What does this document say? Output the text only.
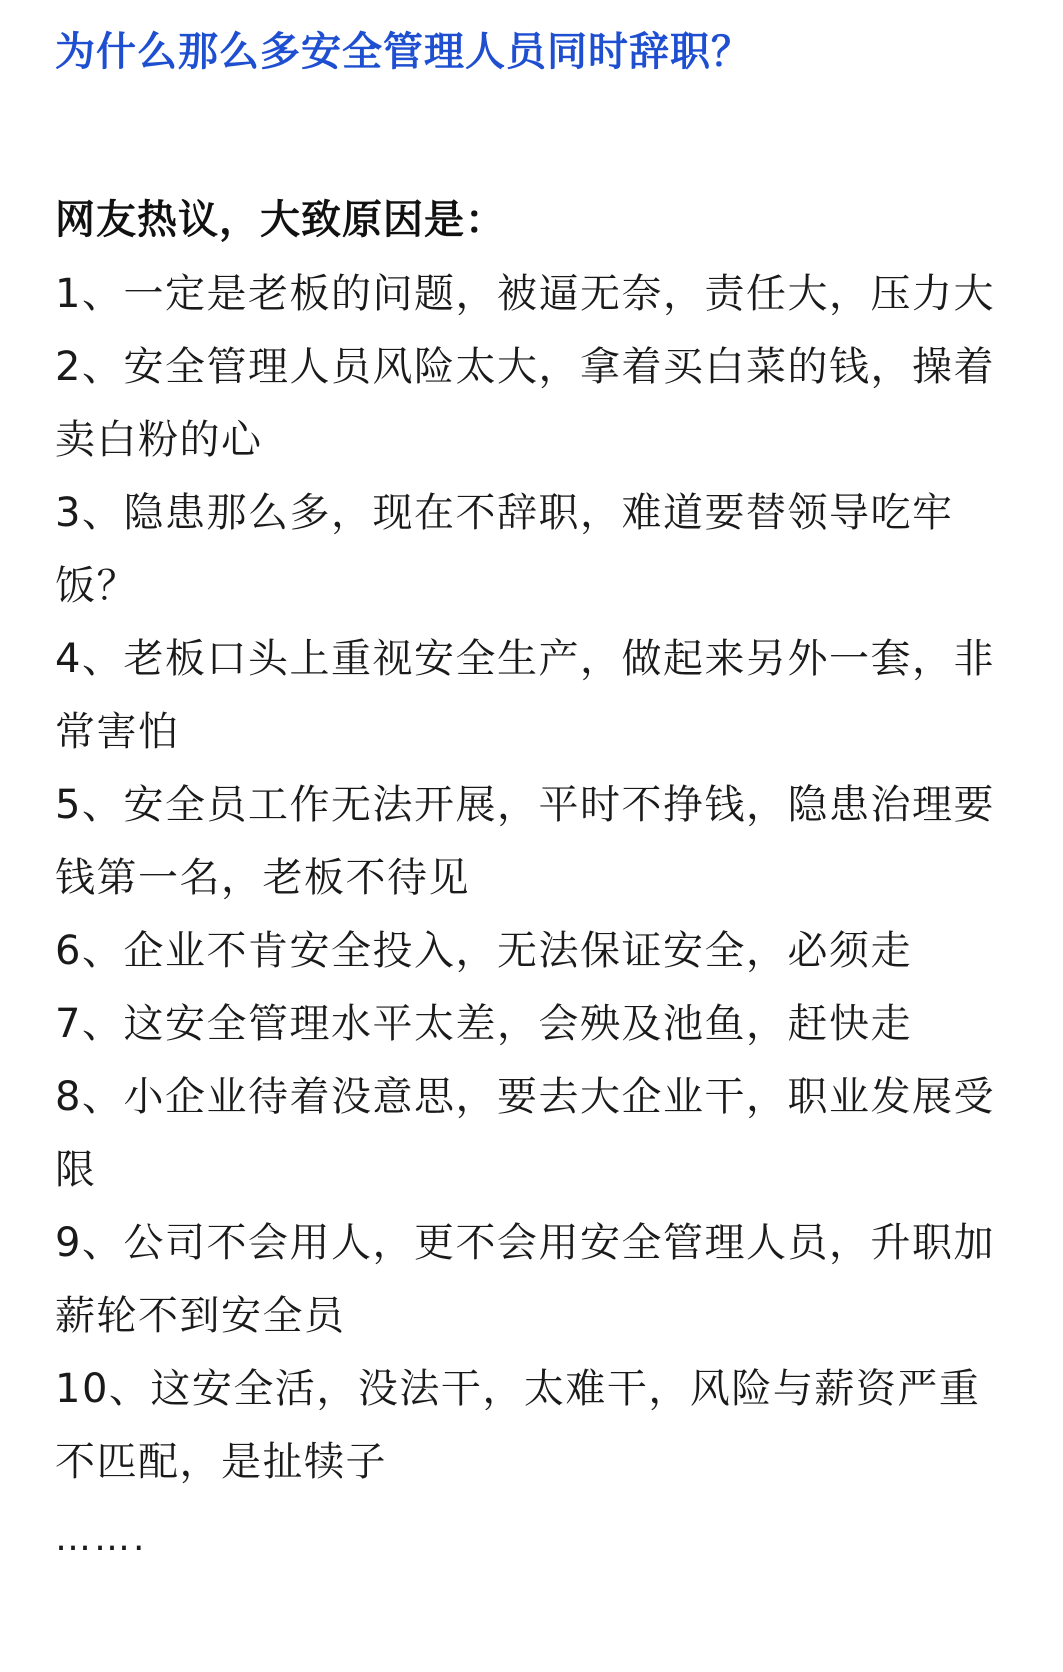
为什么那么多安全管理人员同时辞职？
网友热议，大致原因是：
1、一定是老板的问题，被逼无奈，责任大，压力大
2、安全管理人员风险太大，拿着买白菜的钱，操着卖白粉的心
3、隐患那么多，现在不辞职，难道要替领导吃牢饭？
4、老板口头上重视安全生产，做起来另外一套，非常害怕
5、安全员工作无法开展，平时不挣钱，隐患治理要钱第一名，老板不待见
6、企业不肯安全投入，无法保证安全，必须走
7、这安全管理水平太差，会殃及池鱼，赶快走
8、小企业待着没意思，要去大企业干，职业发展受限
9、公司不会用人，更不会用安全管理人员，升职加薪轮不到安全员
10、这安全活，没法干，太难干，风险与薪资严重不匹配，是扯犊子
…….
